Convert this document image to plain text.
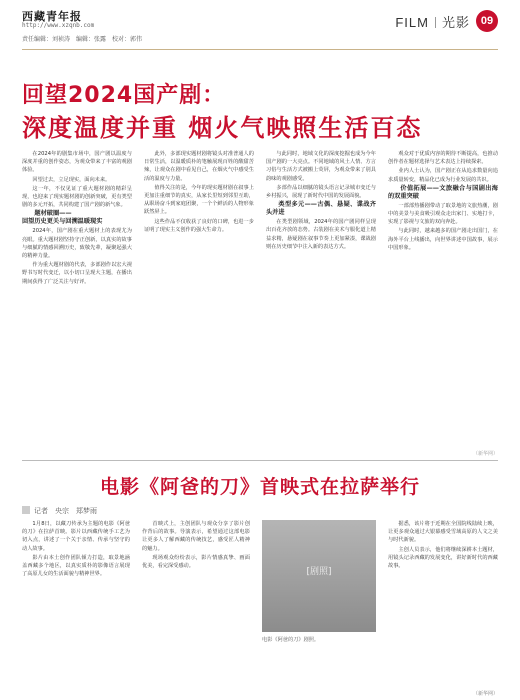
西藏青年报
http://www.xzqnb.com
责任编辑：刘祯涛　编辑：张露　校对：郭伟
FILM 光影 09
回望2024国产剧：
深度温度并重 烟火气映照生活百态

在2024年的剧集市场中，国产剧以温度与深度并重的创作姿态，为观众带来了丰富的观剧体验。

回望过去，立足现实，面向未来。

这一年，不仅见证了重大题材剧的精彩呈现，也迎来了现实题材剧的创新突破，更有类型剧的多元开拓，共同构建了国产剧的新气象。

题材破圈——
回望历史更关与回溯温暖现实

2024年，国产剧在重大题材上的表现尤为亮眼。重大题材剧坚持守正创新，以真实的故事与细腻的情感回溯历史，致敬先辈，凝聚起强大的精神力量。

作为重大题材剧的代表，多部剧作以宏大视野书写时代变迁，以小切口呈现大主题，在播出期间获得了广泛关注与好评。

此外，多部现实题材剧将镜头对准普通人的日常生活，以温暖质朴的笔触展现百姓的酸甜苦辣，让观众在剧中看见自己，在烟火气中感受生活的温度与力量。

值得关注的是，今年的现实题材剧在叙事上更加注重细节的真实，从家长里短到邻里互助，从职场奋斗到家庭团聚，一个个鲜活的人物形象跃然屏上。

这些作品不仅收获了良好的口碑，也进一步证明了现实主义创作的强大生命力。

与此同时，地域文化的深度挖掘也成为今年国产剧的一大亮点。不同地域的风土人情、方言习俗与生活方式被搬上荧屏，为观众带来了别具韵味的观剧感受。

多部作品以细腻的镜头语言记录城市变迁与乡村振兴，展现了新时代中国的发展面貌。

类型多元——古偶、悬疑、谍战齐头并进

在类型剧领域，2024年的国产剧同样呈现出百花齐放的态势。古装剧在美术与服化道上精益求精，悬疑剧在叙事节奏上更加紧凑，谍战剧则在历史细节中注入新的表达方式。

观众对于优质内容的期待不断提高，也推动创作者在题材选择与艺术表达上持续探索。

业内人士认为，国产剧正在从追求数量向追求质量转变，精品化已成为行业发展的共识。

价值拓展——文旅融合与国剧出海的双重突破

一部部热播剧带动了取景地的文旅热潮，剧中的美景与美食吸引观众走出家门、实地打卡，实现了影视与文旅的双向奔赴。

与此同时，越来越多的国产剧走出国门，在海外平台上线播出，向世界讲述中国故事，展示中国形象。

（新华网）
电影《阿爸的刀》首映式在拉萨举行
记者　央宗　郑梦雨

1月8日，以藏刀传承为主题的电影《阿爸的刀》在拉萨首映。影片以西藏传统手工艺为切入点，讲述了一个关于亲情、传承与坚守的动人故事。

影片由本土创作团队倾力打造，取景地涵盖西藏多个地区，以真实质朴的影像语言展现了高原儿女的生活面貌与精神世界。

首映式上，主创团队与观众分享了影片创作背后的故事。导演表示，希望通过这部电影让更多人了解西藏的传统技艺，感受匠人精神的魅力。

现场观众纷纷表示，影片情感真挚、画面优美，看完深受感动。

[剧照]
电影《阿爸的刀》剧照。

据悉，该片将于近期在全国院线陆续上映，让更多观众通过大银幕感受雪域高原的人文之美与时代新貌。

主创人员表示，他们将继续深耕本土题材，用镜头记录西藏的发展变化，讲好新时代的西藏故事。

（新华网）
